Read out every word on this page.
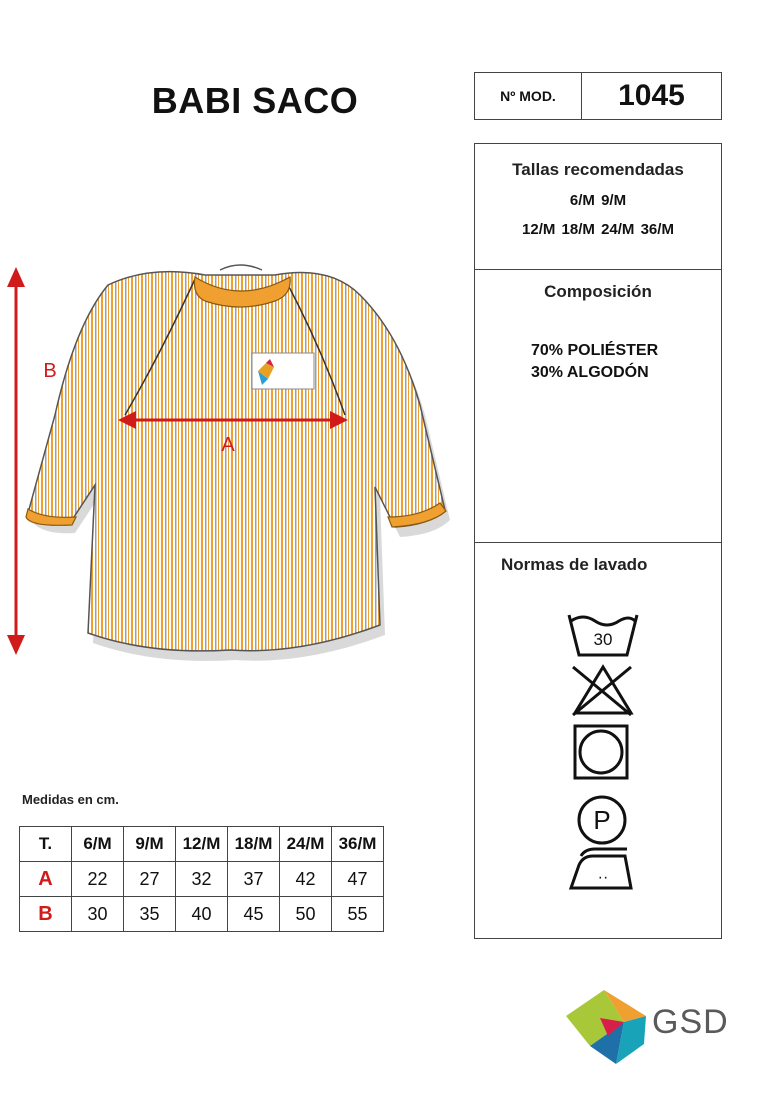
BABI SACO	Nº MOD.	1045
Tallas recomendadas
6/M 9/M
12/M 18/M 24/M 36/M
Composición
70% POLIÉSTER
30% ALGODÓN
Normas de lavado
30
P
··
A
B
Medidas en cm.
T.	6/M	9/M	12/M	18/M	24/M	36/M
A	22	27	32	37	42	47
B	30	35	40	45	50	55
GSD
